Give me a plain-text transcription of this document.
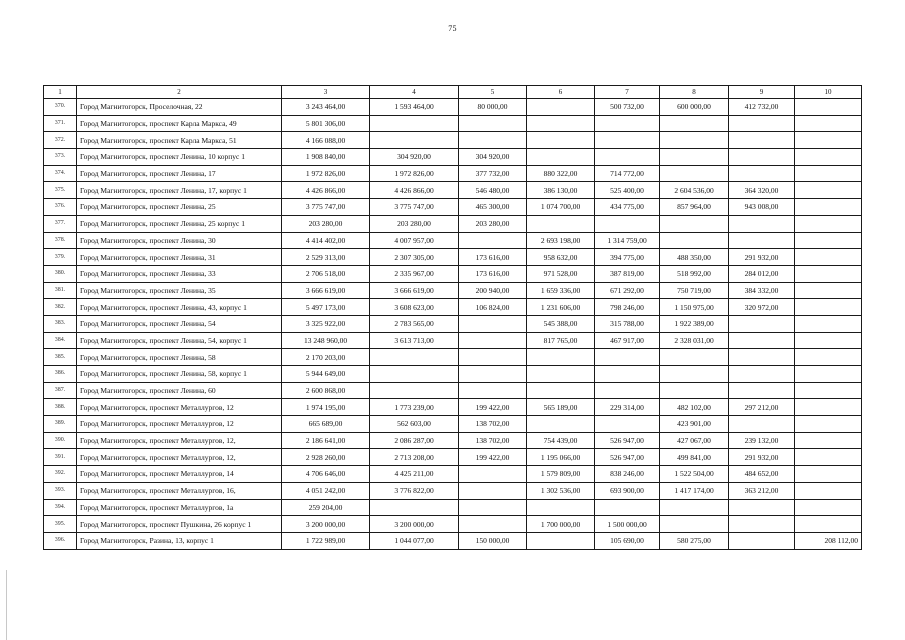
75
1	2	3	4	5	6	7	8	9	10
370.	Город Магнитогорск, Проселочная, 22	3 243 464,00	1 593 464,00	80 000,00		500 732,00	600 000,00	412 732,00	
371.	Город Магнитогорск, проспект Карла Маркса, 49	5 801 306,00							
372.	Город Магнитогорск, проспект Карла Маркса, 51	4 166 088,00							
373.	Город Магнитогорск, проспект Ленина, 10 корпус 1	1 908 840,00	304 920,00	304 920,00					
374.	Город Магнитогорск, проспект Ленина, 17	1 972 826,00	1 972 826,00	377 732,00	880 322,00	714 772,00			
375.	Город Магнитогорск, проспект Ленина, 17, корпус 1	4 426 866,00	4 426 866,00	546 480,00	386 130,00	525 400,00	2 604 536,00	364 320,00	
376.	Город Магнитогорск, проспект Ленина, 25	3 775 747,00	3 775 747,00	465 300,00	1 074 700,00	434 775,00	857 964,00	943 008,00	
377.	Город Магнитогорск, проспект Ленина, 25 корпус 1	203 280,00	203 280,00	203 280,00					
378.	Город Магнитогорск, проспект Ленина, 30	4 414 402,00	4 007 957,00		2 693 198,00	1 314 759,00			
379.	Город Магнитогорск, проспект Ленина, 31	2 529 313,00	2 307 305,00	173 616,00	958 632,00	394 775,00	488 350,00	291 932,00	
380.	Город Магнитогорск, проспект Ленина, 33	2 706 518,00	2 335 967,00	173 616,00	971 528,00	387 819,00	518 992,00	284 012,00	
381.	Город Магнитогорск, проспект Ленина, 35	3 666 619,00	3 666 619,00	200 940,00	1 659 336,00	671 292,00	750 719,00	384 332,00	
382.	Город Магнитогорск, проспект Ленина, 43, корпус 1	5 497 173,00	3 608 623,00	106 824,00	1 231 606,00	798 246,00	1 150 975,00	320 972,00	
383.	Город Магнитогорск, проспект Ленина, 54	3 325 922,00	2 783 565,00		545 388,00	315 788,00	1 922 389,00		
384.	Город Магнитогорск, проспект Ленина, 54, корпус 1	13 248 960,00	3 613 713,00		817 765,00	467 917,00	2 328 031,00		
385.	Город Магнитогорск, проспект Ленина, 58	2 170 203,00							
386.	Город Магнитогорск, проспект Ленина, 58, корпус 1	5 944 649,00							
387.	Город Магнитогорск, проспект Ленина, 60	2 600 868,00							
388.	Город Магнитогорск, проспект Металлургов, 12	1 974 195,00	1 773 239,00	199 422,00	565 189,00	229 314,00	482 102,00	297 212,00	
389.	Город Магнитогорск, проспект Металлургов, 12	665 689,00	562 603,00	138 702,00			423 901,00		
390.	Город Магнитогорск, проспект Металлургов, 12,	2 186 641,00	2 086 287,00	138 702,00	754 439,00	526 947,00	427 067,00	239 132,00	
391.	Город Магнитогорск, проспект Металлургов, 12,	2 928 260,00	2 713 208,00	199 422,00	1 195 066,00	526 947,00	499 841,00	291 932,00	
392.	Город Магнитогорск, проспект Металлургов, 14	4 706 646,00	4 425 211,00		1 579 809,00	838 246,00	1 522 504,00	484 652,00	
393.	Город Магнитогорск, проспект Металлургов, 16,	4 051 242,00	3 776 822,00		1 302 536,00	693 900,00	1 417 174,00	363 212,00	
394.	Город Магнитогорск, проспект Металлургов, 1а	259 204,00							
395.	Город Магнитогорск, проспект Пушкина, 26 корпус 1	3 200 000,00	3 200 000,00		1 700 000,00	1 500 000,00			
396.	Город Магнитогорск, Разина, 13, корпус 1	1 722 989,00	1 044 077,00	150 000,00		105 690,00	580 275,00		208 112,00
